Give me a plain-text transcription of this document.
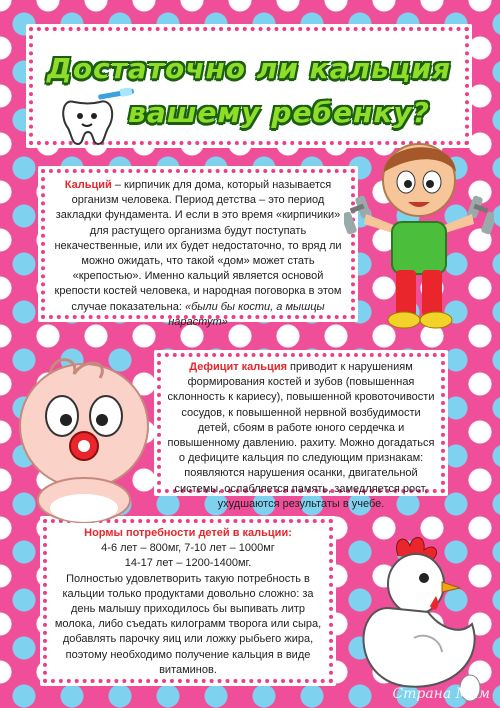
Достаточно ли кальция
вашему ребенку?
Кальций – кирпичик для дома, который называется организм человека. Период детства – это период закладки фундамента. И если в это время «кирпичики» для растущего организма будут поступать некачественные, или их будет недостаточно, то вряд ли можно ожидать, что такой «дом» может стать «крепостью». Именно кальций является основой крепости костей человека, и народная поговорка в этом случае показательна: «были бы кости, а мышцы нарастут»
Дефицит кальция приводит к нарушениям формирования костей и зубов (повышенная склонность к кариесу), повышенной кровоточивости сосудов, к повышенной нервной возбудимости детей, сбоям в работе юного сердечка и повышенному давлению. рахиту. Можно догадаться о дефиците кальция по следующим признакам: появляются нарушения осанки, двигательной системы, ослабляется память, замедляется рост, ухудшаются результаты в учебе.
Нормы потребности детей в кальции:
4-6 лет – 800мг, 7-10 лет – 1000мг
14-17 лет – 1200-1400мг.
Полностью удовлетворить такую потребность в кальции только продуктами довольно сложно: за день малышу приходилось бы выпивать литр молока, либо съедать килограмм творога или сыра, добавлять парочку яиц или ложку рыбьего жира, поэтому необходимо получение кальция в виде витаминов.
Страна Мам
